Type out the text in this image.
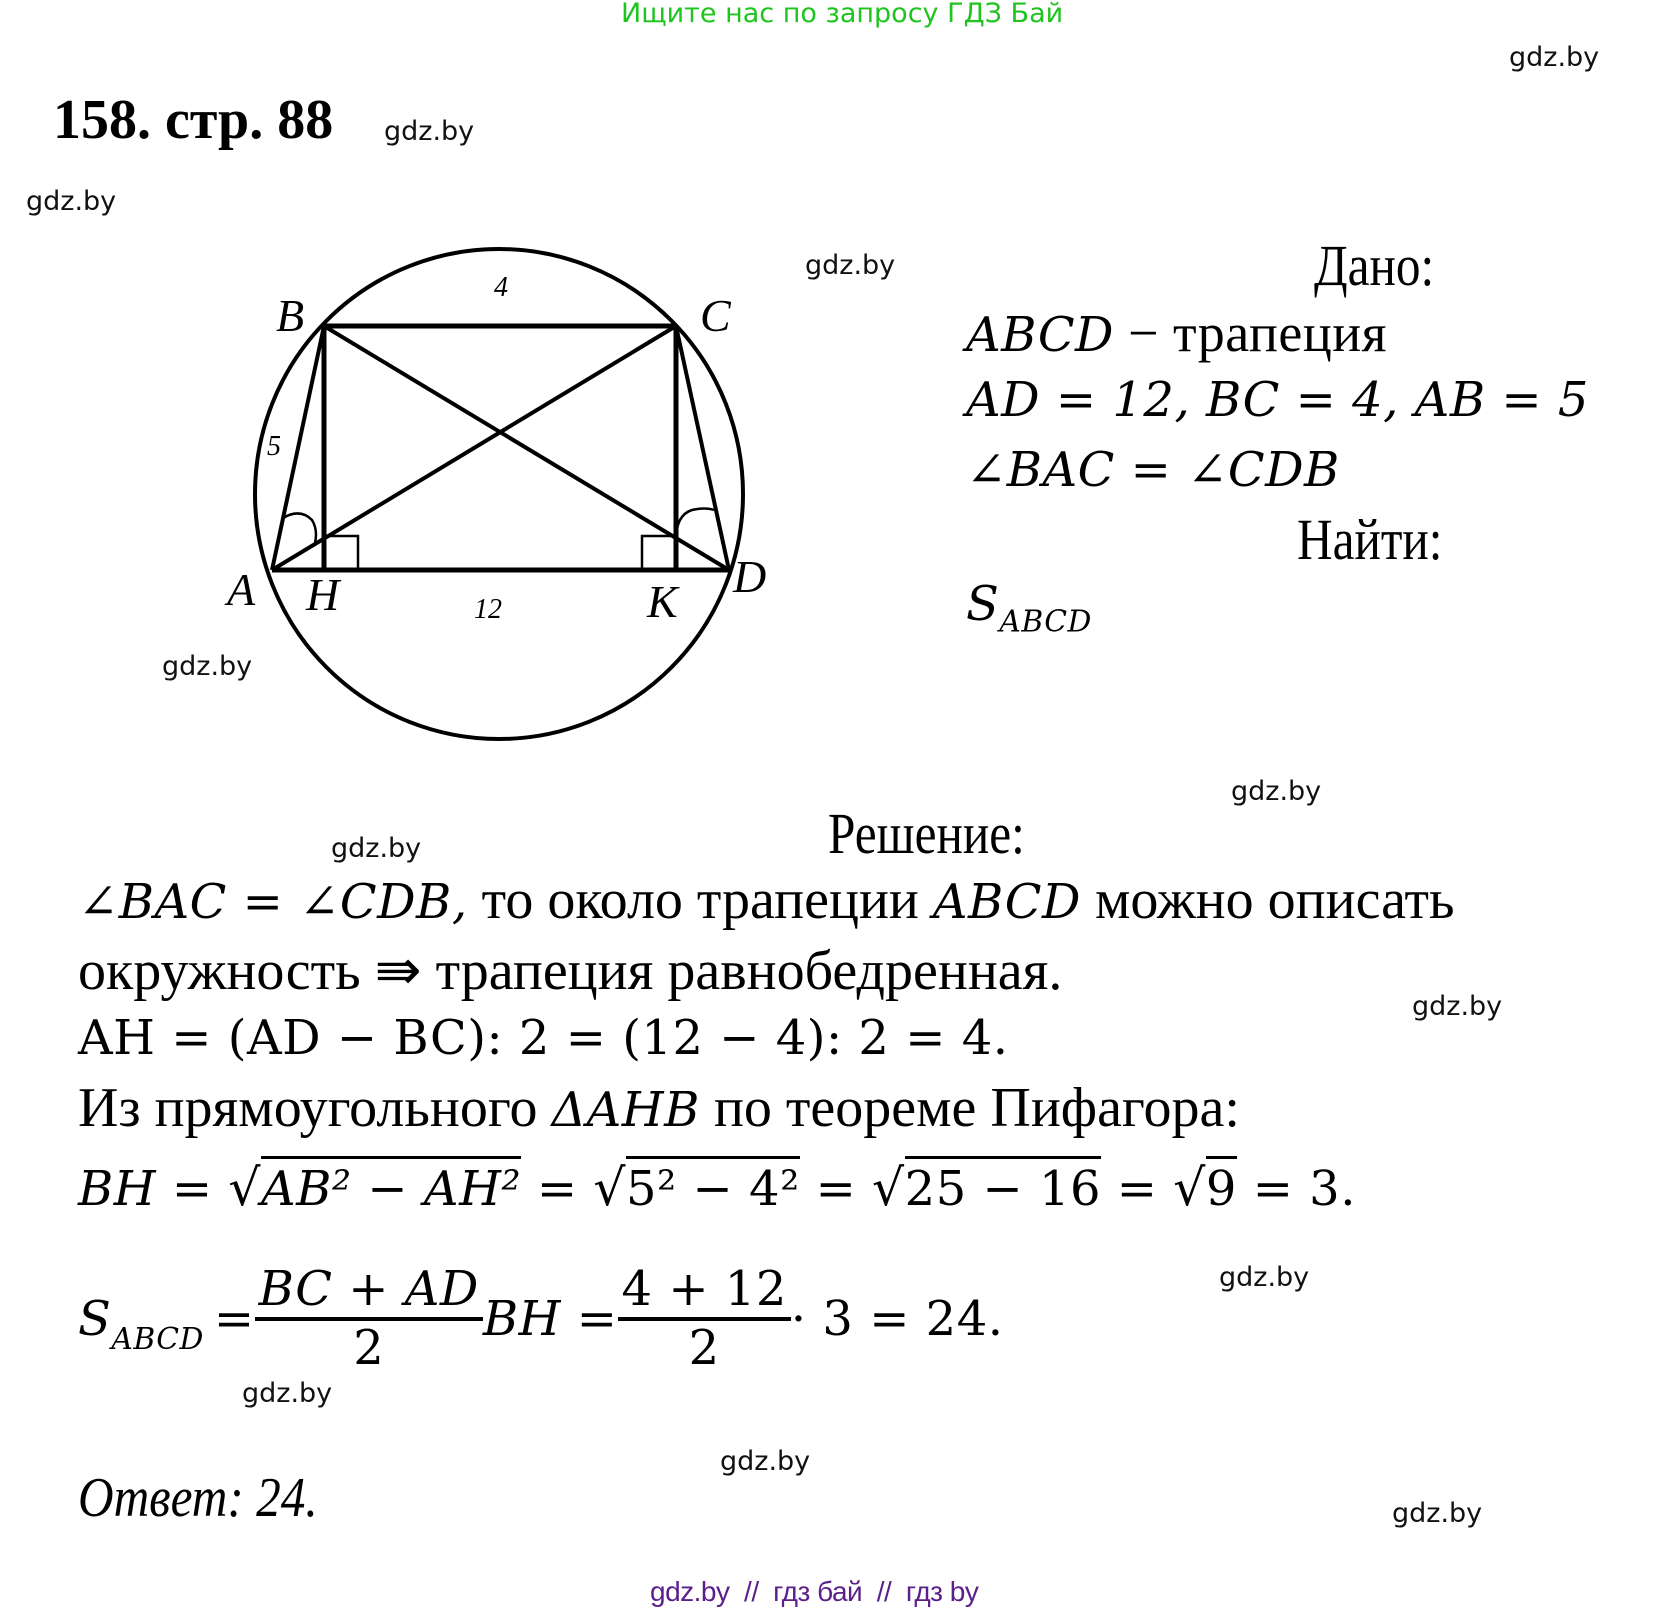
Ищите нас по запросу ГДЗ Бай
158. стр. 88
gdz.by
gdz.by
gdz.by
gdz.by
gdz.by
gdz.by
gdz.by
gdz.by
gdz.by
gdz.by
gdz.by
gdz.by
B	C
A H	K D
4
5
12
Дано:
ABCD − трапеция
AD = 12, BC = 4, AB = 5
∠BAC = ∠CDB
Найти:
$S_{ABCD}$
Решение:
∠BAC = ∠CDB, то около трапеции ABCD можно описать
окружность ⇛ трапеция равнобедренная.
AH = (AD − BC): 2 = (12 − 4): 2 = 4.
Из прямоугольного ΔAHB по теореме Пифагора:
BH = √AB² − AH² = √5² − 4² = √25 − 16 = √9 = 3.
S ABCD = $\frac{BC + AD}{2}$ BH = $\frac{4 + 12}{2} \cdot 3 = 24$.
Ответ: 24.
gdz.by  //  гдз бай  //  гдз by
